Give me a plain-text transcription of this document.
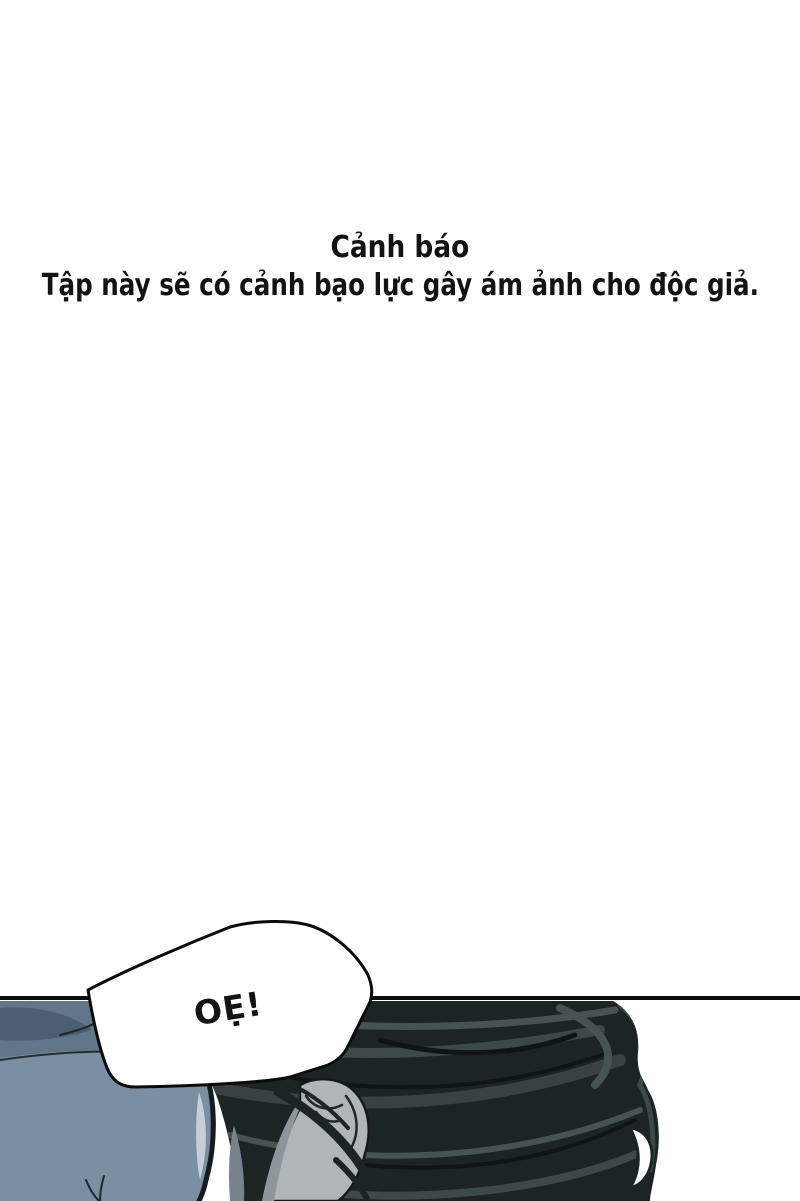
Cảnh báo
Tập này sẽ có cảnh bạo lực gây ám ảnh cho độc giả.
OẸ!
